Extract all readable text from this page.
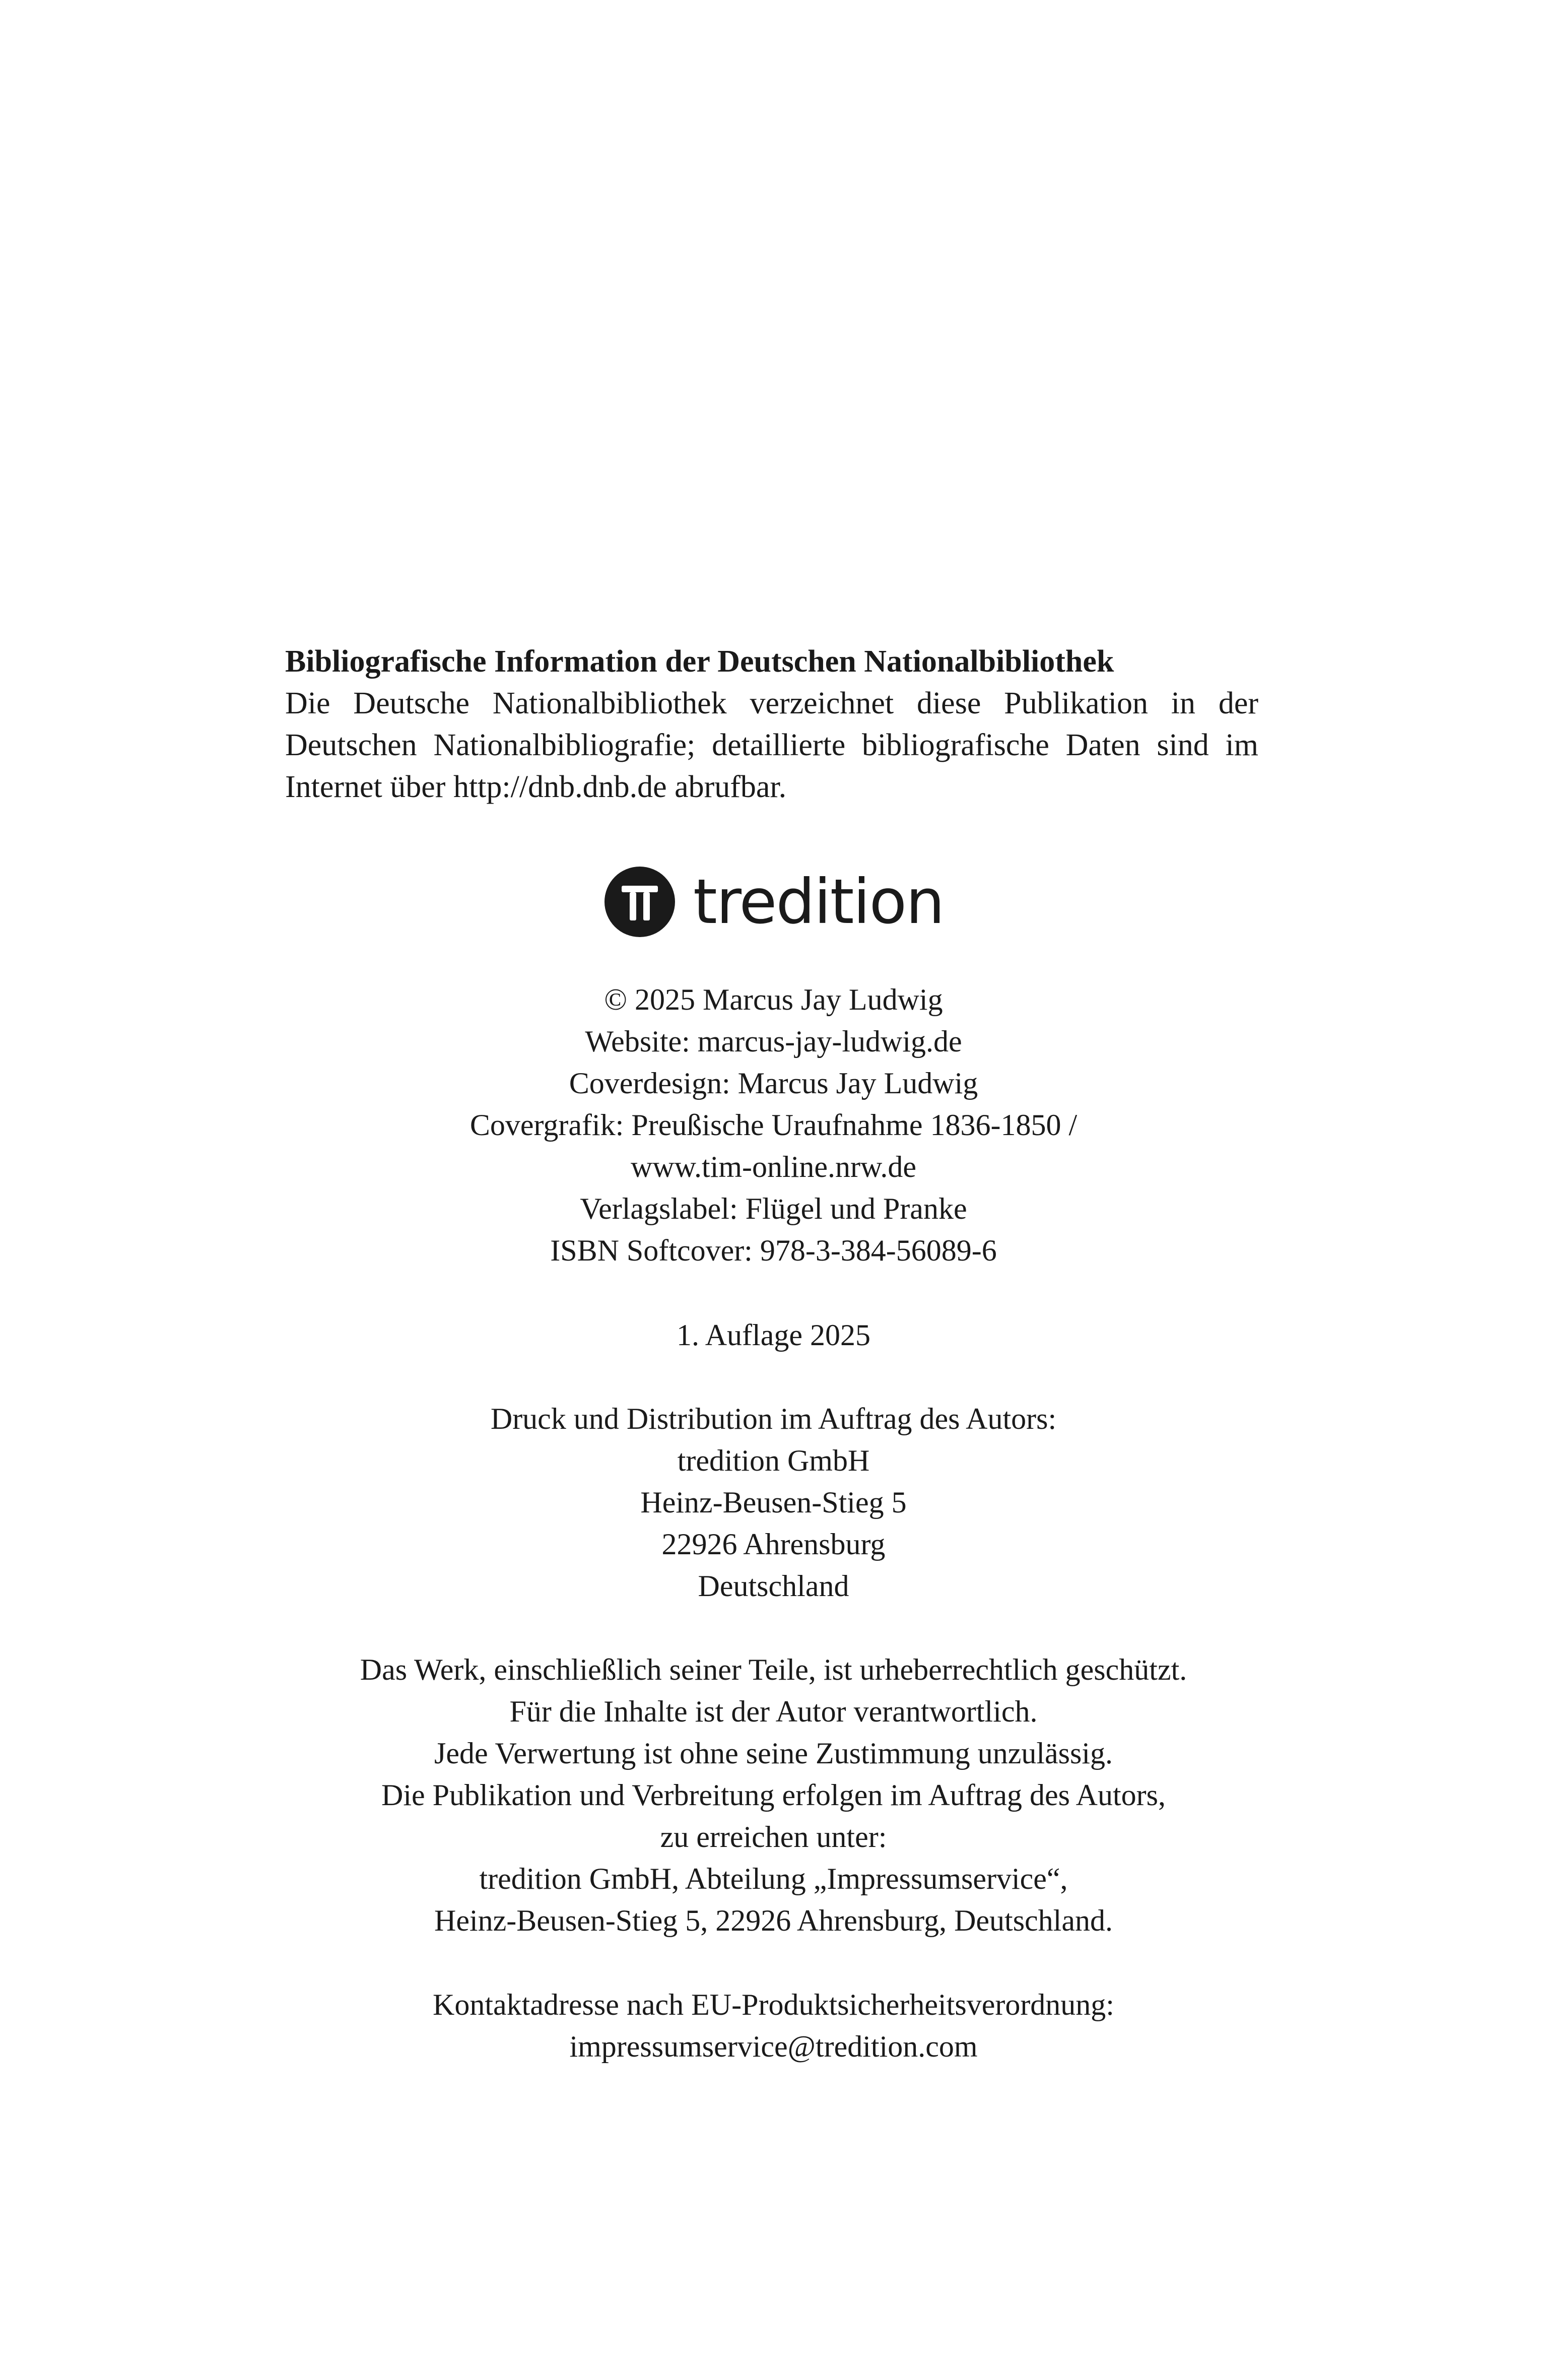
Bibliografische Information der Deutschen Nationalbibliothek
Die Deutsche Nationalbibliothek verzeichnet diese Publikation in der Deutschen Nationalbibliografie; detaillierte bibliografische Daten sind im Internet über http://dnb.dnb.de abrufbar.
tredition
© 2025 Marcus Jay Ludwig
Website: marcus-jay-ludwig.de
Coverdesign: Marcus Jay Ludwig
Covergrafik: Preußische Uraufnahme 1836-1850 /
www.tim-online.nrw.de
Verlagslabel: Flügel und Pranke
ISBN Softcover: 978-3-384-56089-6
1. Auflage 2025
Druck und Distribution im Auftrag des Autors:
tredition GmbH
Heinz-Beusen-Stieg 5
22926 Ahrensburg
Deutschland
Das Werk, einschließlich seiner Teile, ist urheberrechtlich geschützt.
Für die Inhalte ist der Autor verantwortlich.
Jede Verwertung ist ohne seine Zustimmung unzulässig.
Die Publikation und Verbreitung erfolgen im Auftrag des Autors,
zu erreichen unter:
tredition GmbH, Abteilung „Impressumservice“,
Heinz-Beusen-Stieg 5, 22926 Ahrensburg, Deutschland.
Kontaktadresse nach EU-Produktsicherheitsverordnung:
impressumservice@tredition.com
